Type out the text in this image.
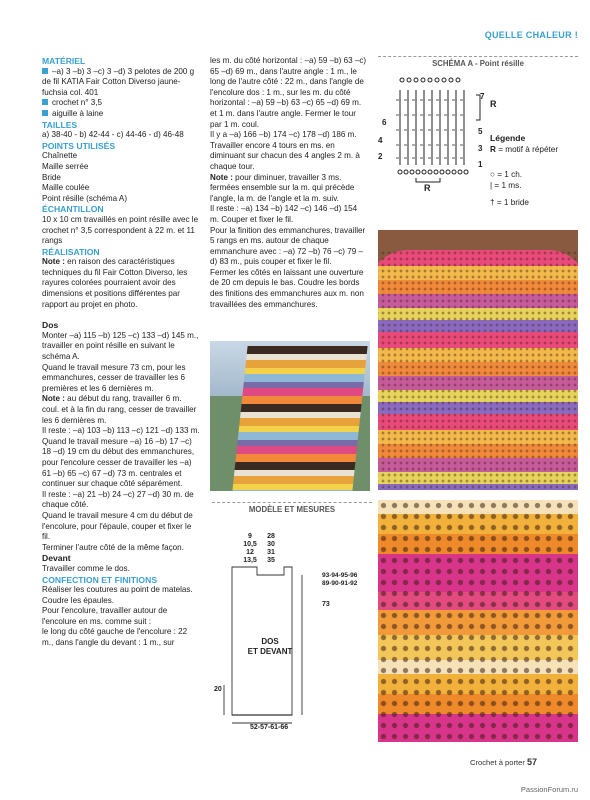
QUELLE CHALEUR !

MATÉRIEL

–a) 3 –b) 3 –c) 3 –d) 3 pelotes de 200 g de fil KATIA Fair Cotton Diverso jaune-fuchsia col. 401

crochet n° 3,5

aiguille à laine

TAILLES

a) 38-40 - b) 42-44 - c) 44-46 - d) 46-48

POINTS UTILISÉS

Chaînette

Maille serrée

Bride

Maille coulée

Point résille (schéma A)

ÉCHANTILLON

10 x 10 cm travaillés en point résille avec le crochet n° 3,5 correspondent à 22 m. et 11 rangs

RÉALISATION

Note : en raison des caractéristiques techniques du fil Fair Cotton Diverso, les rayures colorées pourraient avoir des dimensions et positions différentes par rapport au projet en photo.

Dos

Monter –a) 115 –b) 125 –c) 133 –d) 145 m., travailler en point résille en suivant le schéma A.

Quand le travail mesure 73 cm, pour les emmanchures, cesser de travailler les 6 premières et les 6 dernières m.

Note : au début du rang, travailler 6 m. coul. et à la fin du rang, cesser de travailler les 6 dernières m.

Il reste : –a) 103 –b) 113 –c) 121 –d) 133 m. Quand le travail mesure –a) 16 –b) 17 –c) 18 –d) 19 cm du début des emmanchures, pour l'encolure cesser de travailler les –a) 61 –b) 65 –c) 67 –d) 73 m. centrales et continuer sur chaque côté séparément.

Il reste : –a) 21 –b) 24 –c) 27 –d) 30 m. de chaque côté.

Quand le travail mesure 4 cm du début de l'encolure, pour l'épaule, couper et fixer le fil.

Terminer l'autre côté de la même façon.

Devant

Travailler comme le dos.

CONFECTION ET FINITIONS

Réaliser les coutures au point de matelas. Coudre les épaules.

Pour l'encolure, travailler autour de l'encolure en ms. comme suit :

le long du côté gauche de l'encolure : 22 m., dans l'angle du devant : 1 m., sur

les m. du côté horizontal : –a) 59 –b) 63 –c) 65 –d) 69 m., dans l'autre angle : 1 m., le long de l'autre côté : 22 m., dans l'angle de l'encolure dos : 1 m., sur les m. du côté horizontal : –a) 59 –b) 63 –c) 65 –d) 69 m. et 1 m. dans l'autre angle. Fermer le tour par 1 m. coul.

Il y a –a) 166 –b) 174 –c) 178 –d) 186 m. Travailler encore 4 tours en ms. en diminuant sur chacun des 4 angles 2 m. à chaque tour.

Note : pour diminuer, travailler 3 ms. fermées ensemble sur la m. qui précède l'angle, la m. de l'angle et la m. suiv.

Il reste : –a) 134 –b) 142 –c) 146 –d) 154 m. Couper et fixer le fil.

Pour la finition des emmanchures, travailler 5 rangs en ms. autour de chaque emmanchure avec : –a) 72 –b) 76 –c) 79 –d) 83 m., puis couper et fixer le fil.

Fermer les côtés en laissant une ouverture de 20 cm depuis le bas. Coudre les bords des finitions des emmanchures aux m. non travaillées des emmanchures.

SCHÉMA A - Point résille
7
R
6
5
4
3
2
1
R
Légende
R = motif à répéter
○ = 1 ch.
| = 1 ms.
† = 1 bride
MODÈLE ET MESURES
9
10,5
12
13,5
28
30
31
35
93-94-95-96
89-90-91-92
73
DOS
ET DEVANT
20
52-57-61-66
Crochet à porter 57
PassionForum.ru
